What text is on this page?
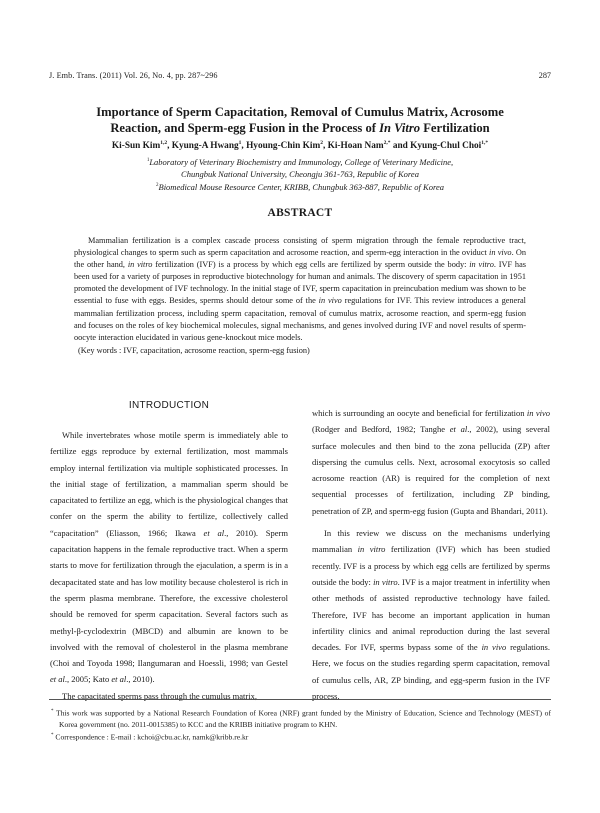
J. Emb. Trans. (2011) Vol. 26, No. 4, pp. 287~296	287
Importance of Sperm Capacitation, Removal of Cumulus Matrix, Acrosome
Reaction, and Sperm-egg Fusion in the Process of In Vitro Fertilization
Ki-Sun Kim$^{1,2}$, Kyung-A Hwang$^1$, Hyoung-Chin Kim$^2$, Ki-Hoan Nam$^{2,*}$ and Kyung-Chul Choi$^{1,*}$
$^1$Laboratory of Veterinary Biochemistry and Immunology, College of Veterinary Medicine,
Chungbuk National University, Cheongju 361-763, Republic of Korea
$^2$Biomedical Mouse Resource Center, KRIBB, Chungbuk 363-887, Republic of Korea
ABSTRACT

Mammalian fertilization is a complex cascade process consisting of sperm migration through the female reproductive tract, physiological changes to sperm such as sperm capacitation and acrosome reaction, and sperm-egg interaction in the oviduct in vivo. On the other hand, in vitro fertilization (IVF) is a process by which egg cells are fertilized by sperm outside the body: in vitro. IVF has been used for a variety of purposes in reproductive biotechnology for human and animals. The discovery of sperm capacitation in 1951 promoted the development of IVF technology. In the initial stage of IVF, sperm capacitation in preincubation medium was shown to be essential to fuse with eggs. Besides, sperms should detour some of the in vivo regulations for IVF. This review introduces a general mammalian fertilization process, including sperm capacitation, removal of cumulus matrix, acrosome reaction, and sperm-egg fusion and focuses on the roles of key biochemical molecules, signal mechanisms, and genes involved during IVF and novel results of sperm-oocyte interaction elucidated in various gene-knockout mice models.

(Key words : IVF, capacitation, acrosome reaction, sperm-egg fusion)

INTRODUCTION

While invertebrates whose motile sperm is immediately able to fertilize eggs reproduce by external fertilization, most mammals employ internal fertilization via multiple sophisticated processes. In the initial stage of fertilization, a mammalian sperm should be capacitated to fertilize an egg, which is the physiological changes that confer on the sperm the ability to fertilize, collectively called “capacitation” (Eliasson, 1966; Ikawa et al., 2010). Sperm capacitation happens in the female reproductive tract. When a sperm starts to move for fertilization through the ejaculation, a sperm is in a decapacitated state and has low motility because cholesterol is rich in the sperm plasma membrane. Therefore, the excessive cholesterol should be removed for sperm capacitation. Several factors such as methyl-β-cyclodextrin (MBCD) and albumin are known to be involved with the removal of cholesterol in the plasma membrane (Choi and Toyoda 1998; Ilangumaran and Hoessli, 1998; van Gestel et al., 2005; Kato et al., 2010).

The capacitated sperms pass through the cumulus matrix,

which is surrounding an oocyte and beneficial for fertilization in vivo (Rodger and Bedford, 1982; Tanghe et al., 2002), using several surface molecules and then bind to the zona pellucida (ZP) after dispersing the cumulus cells. Next, acrosomal exocytosis so called acrosome reaction (AR) is required for the completion of next sequential processes of fertilization, including ZP binding, penetration of ZP, and sperm-egg fusion (Gupta and Bhandari, 2011).

In this review we discuss on the mechanisms underlying mammalian in vitro fertilization (IVF) which has been studied recently. IVF is a process by which egg cells are fertilized by sperms outside the body: in vitro. IVF is a major treatment in infertility when other methods of assisted reproductive technology have failed. Therefore, IVF has become an important application in human infertility clinics and animal reproduction during the last several decades. For IVF, sperms bypass some of the in vivo regulations. Here, we focus on the studies regarding sperm capacitation, removal of cumulus cells, AR, ZP binding, and egg-sperm fusion in the IVF process.

* This work was supported by a National Research Foundation of Korea (NRF) grant funded by the Ministry of Education, Science and Technology (MEST) of Korea government (no. 2011-0015385) to KCC and the KRIBB initiative program to KHN.
* Correspondence : E-mail : kchoi@cbu.ac.kr, namk@kribb.re.kr
